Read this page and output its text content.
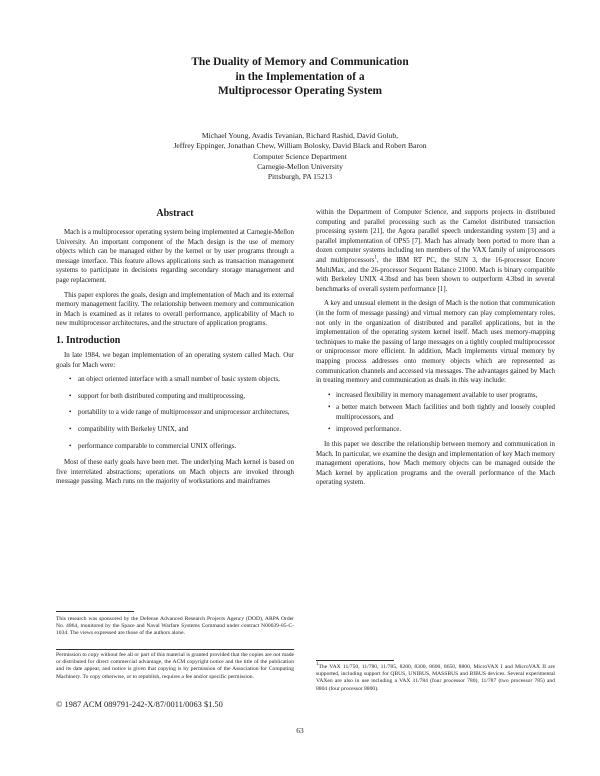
The Duality of Memory and Communication
in the Implementation of a
Multiprocessor Operating System
Michael Young, Avadis Tevanian, Richard Rashid, David Golub,
Jeffrey Eppinger, Jonathan Chew, William Bolosky, David Black and Robert Baron
Computer Science Department
Carnegie-Mellon University
Pittsburgh, PA 15213
Abstract

Mach is a multiprocessor operating system being implemented at Carnegie-Mellon University. An important component of the Mach design is the use of memory objects which can be managed either by the kernel or by user programs through a message interface. This feature allows applications such as transaction management systems to participate in decisions regarding secondary storage management and page replacement.

This paper explores the goals, design and implementation of Mach and its external memory management facility. The relationship between memory and communication in Mach is examined as it relates to overall performance, applicability of Mach to new multiprocessor architectures, and the structure of application programs.

1. Introduction

In late 1984, we began implementation of an operating system called Mach. Our goals for Mach were:

• an object oriented interface with a small number of basic system objects,
• support for both distributed computing and multiprocessing,
• portability to a wide range of multiprocessor and uniprocessor architectures,
• compatibility with Berkeley UNIX, and
• performance comparable to commercial UNIX offerings.

Most of these early goals have been met. The underlying Mach kernel is based on five interrelated abstractions; operations on Mach objects are invoked through message passing. Mach runs on the majority of workstations and mainframes

within the Department of Computer Science, and supports projects in distributed computing and parallel processing such as the Camelot distributed transaction processing system [21], the Agora parallel speech understanding system [3] and a parallel implementation of OPS5 [7]. Mach has already been ported to more than a dozen computer systems including ten members of the VAX family of uniprocessors and multiprocessors$^1$, the IBM RT PC, the SUN 3, the 16-processor Encore MultiMax, and the 26-processor Sequent Balance 21000. Mach is binary compatible with Berkeley UNIX 4.3bsd and has been shown to outperform 4.3bsd in several benchmarks of overall system performance [1].

A key and unusual element in the design of Mach is the notion that communication (in the form of message passing) and virtual memory can play complementary roles, not only in the organization of distributed and parallel applications, but in the implementation of the operating system kernel itself. Mach uses memory-mapping techniques to make the passing of large messages on a tightly coupled multiprocessor or uniprocessor more efficient. In addition, Mach implements virtual memory by mapping process addresses onto memory objects which are represented as communication channels and accessed via messages. The advantages gained by Mach in treating memory and communication as duals in this way include:

• increased flexibility in memory management available to user programs,
• a better match between Mach facilities and both tightly and loosely coupled multiprocessors, and
• improved performance.

In this paper we describe the relationship between memory and communication in Mach. In particular, we examine the design and implementation of key Mach memory management operations, how Mach memory objects can be managed outside the Mach kernel by application programs and the overall performance of the Mach operating system.

This research was sponsored by the Defense Advanced Research Projects Agency (DOD), ARPA Order No. 4864, monitored by the Space and Naval Warfare Systems Command under contract N00039-85-C-1034. The views expressed are those of the authors alone.
Permission to copy without fee all or part of this material is granted provided that the copies are not made or distributed for direct commercial advantage, the ACM copyright notice and the title of the publication and its date appear, and notice is given that copying is by permission of the Association for Computing Machinery. To copy otherwise, or to republish, requires a fee and/or specific permission.
1The VAX 11/750, 11/780, 11/785, 8200, 8300, 8600, 8650, 8800, MicroVAX I and MicroVAX II are supported, including support for QBUS, UNIBUS, MASSBUS and BIBUS devices. Several experimental VAXen are also in use including a VAX 11/784 (four processor 780), 11/787 (two processor 785) and 8804 (four processor 8800).
© 1987 ACM 089791-242-X/87/0011/0063 $1.50
63
